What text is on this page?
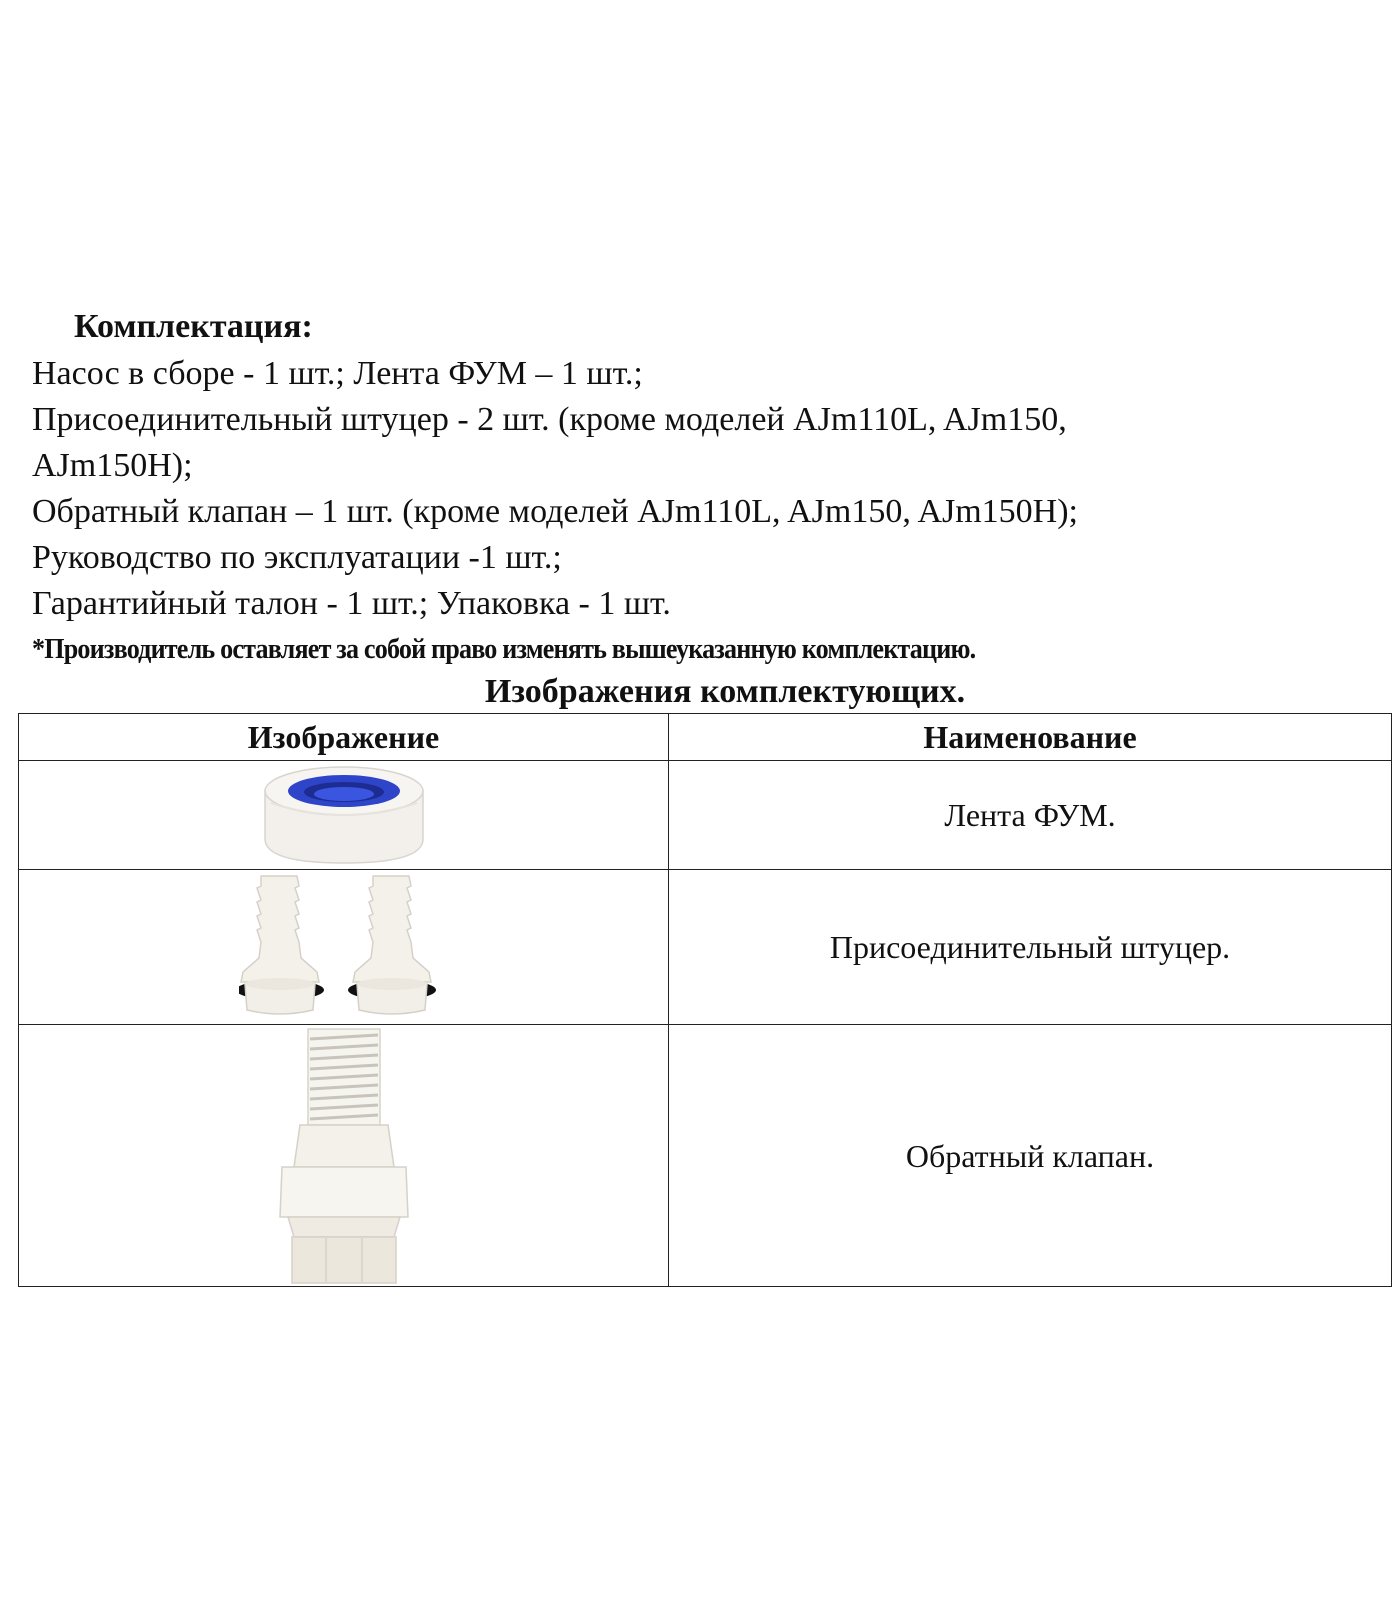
Комплектация:
Насос в сборе - 1 шт.; Лента ФУМ – 1 шт.;
Присоединительный штуцер - 2 шт. (кроме моделей AJm110L, AJm150,
AJm150H);
Обратный клапан – 1 шт. (кроме моделей AJm110L, AJm150, AJm150H);
Руководство по эксплуатации -1 шт.;
Гарантийный талон - 1 шт.; Упаковка - 1 шт.
*Производитель оставляет за собой право изменять вышеуказанную комплектацию.
Изображения комплектующих.
Изображение	Наименование

	Лента ФУМ.

	Присоединительный штуцер.

	Обратный клапан.
